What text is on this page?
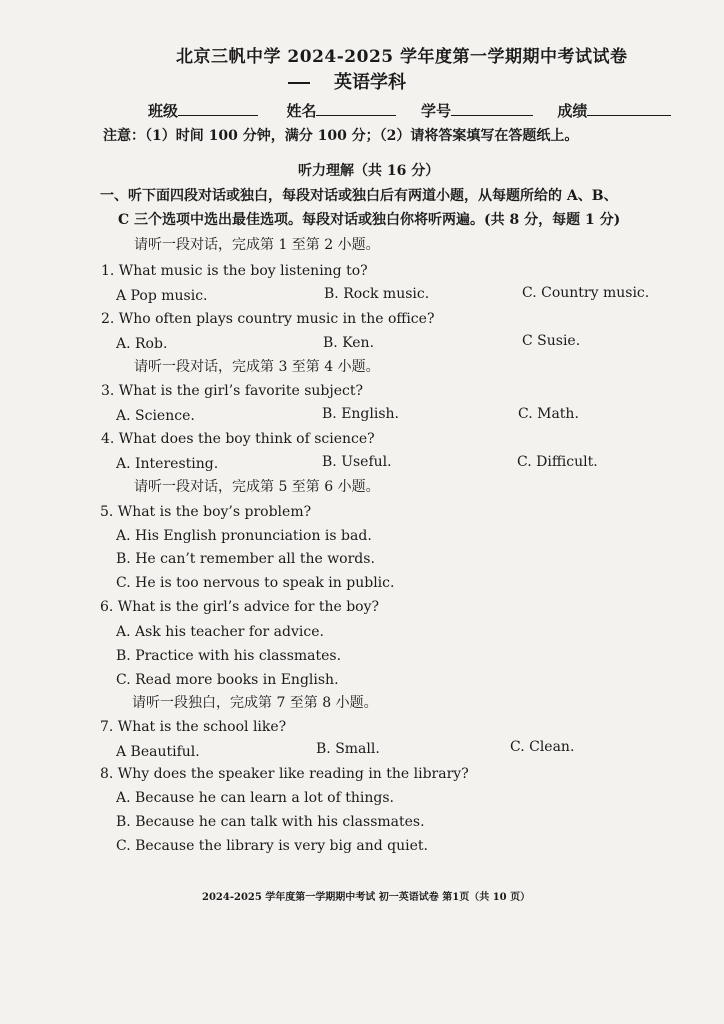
北京三帆中学 2024-2025 学年度第一学期期中考试试卷
英语学科
班级	姓名	学号	成绩
注意：（1）时间 100 分钟，满分 100 分；（2）请将答案填写在答题纸上。
听力理解（共 16 分）
一、听下面四段对话或独白，每段对话或独白后有两道小题，从每题所给的 A、B、
C 三个选项中选出最佳选项。每段对话或独白你将听两遍。(共 8 分，每题 1 分)
请听一段对话，完成第 1 至第 2 小题。
1. What music is the boy listening to?
A Pop music.	B. Rock music.	C. Country music.
2. Who often plays country music in the office?
A. Rob.	B. Ken.	C Susie.
请听一段对话，完成第 3 至第 4 小题。
3. What is the girl’s favorite subject?
A. Science.	B. English.	C. Math.
4. What does the boy think of science?
A. Interesting.	B. Useful.	C. Difficult.
请听一段对话，完成第 5 至第 6 小题。
5. What is the boy’s problem?
A. His English pronunciation is bad.
B. He can’t remember all the words.
C. He is too nervous to speak in public.
6. What is the girl’s advice for the boy?
A. Ask his teacher for advice.
B. Practice with his classmates.
C. Read more books in English.
请听一段独白，完成第 7 至第 8 小题。
7. What is the school like?
A Beautiful.	B. Small.	C. Clean.
8. Why does the speaker like reading in the library?
A. Because he can learn a lot of things.
B. Because he can talk with his classmates.
C. Because the library is very big and quiet.
2024-2025 学年度第一学期期中考试 初一英语试卷 第1页（共 10 页）
